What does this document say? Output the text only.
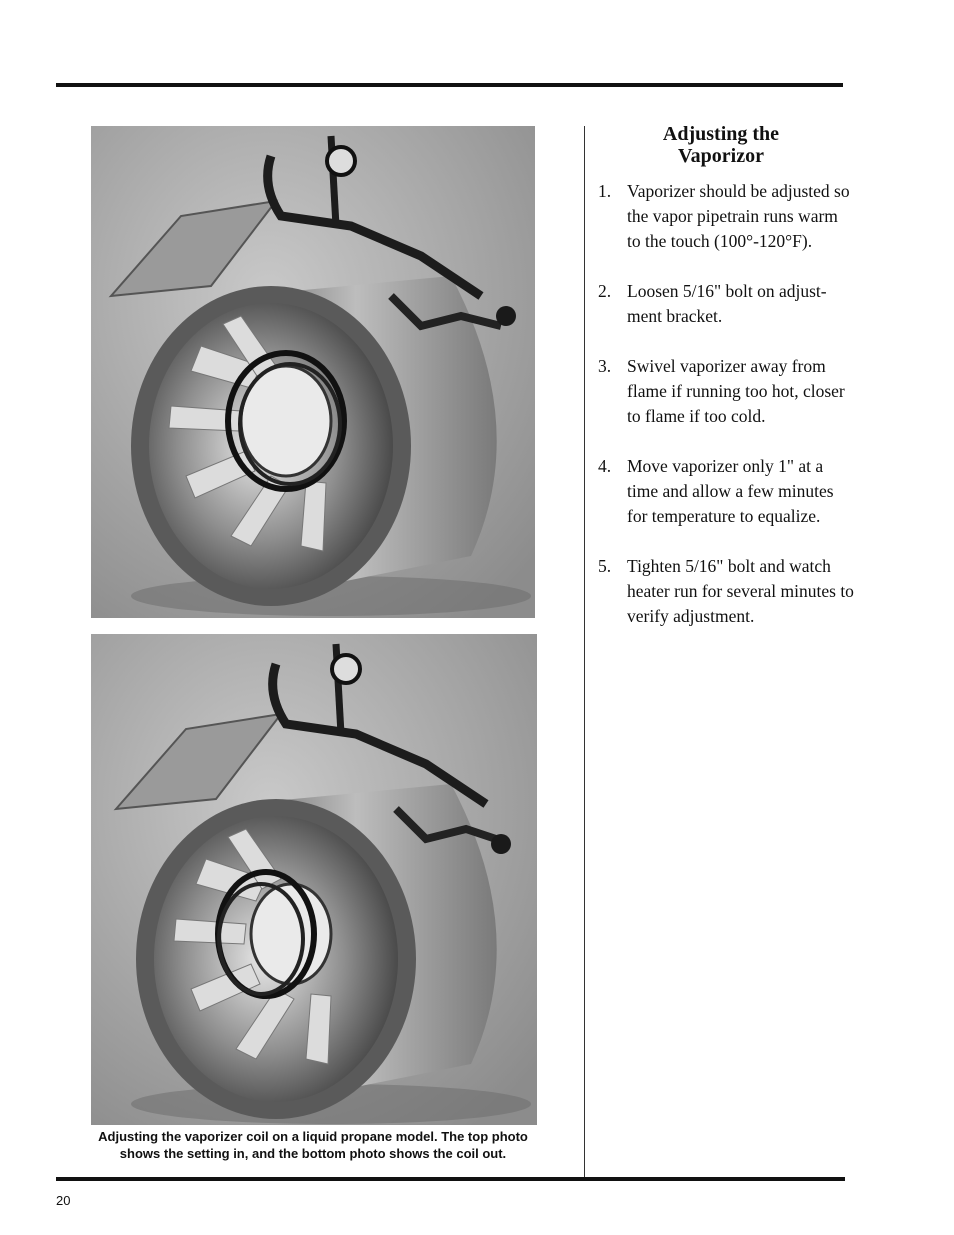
Adjusting the vaporizer coil on a liquid propane model. The top photo
shows the setting in, and the bottom photo shows the coil out.
Adjusting the
Vaporizor
1. Vaporizer should be adjusted so the vapor pipetrain runs warm to the touch (100°-120°F).
2. Loosen 5/16" bolt on adjust-ment bracket.
3. Swivel vaporizer away from flame if running too hot, closer to flame if too cold.
4. Move vaporizer only 1" at a time and allow a few minutes for temperature to equalize.
5. Tighten 5/16" bolt and watch heater run for several minutes to verify adjustment.
20
